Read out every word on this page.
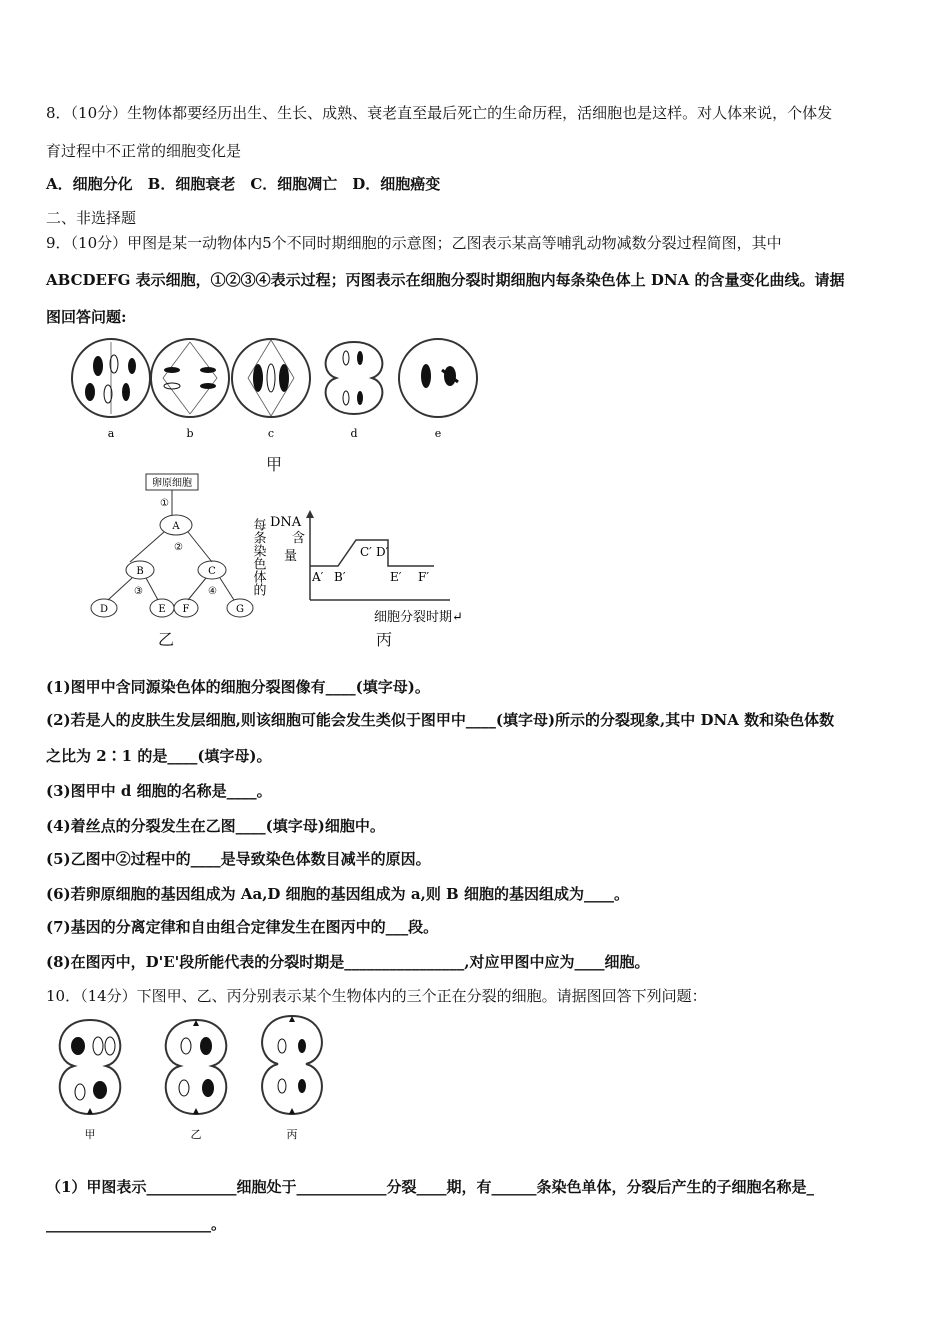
8．（10分）生物体都要经历出生、生长、成熟、衰老直至最后死亡的生命历程，活细胞也是这样。对人体来说，个体发
育过程中不正常的细胞变化是
A．细胞分化　B．细胞衰老　C．细胞凋亡　D．细胞癌变
二、非选择题
9．（10分）甲图是某一动物体内5个不同时期细胞的示意图；乙图表示某高等哺乳动物减数分裂过程简图，其中
ABCDEFG 表示细胞，①②③④表示过程；丙图表示在细胞分裂时期细胞内每条染色体上 DNA 的含量变化曲线。请据
图回答问题:
a	b	c	d	e
甲
卵原细胞
①
A
②
B	C
③	④
D	E F	G
乙
每条染色体的 DNA
含
量
A′ B′
C′ D′
E′ F′
细胞分裂时期↵
丙
(1)图甲中含同源染色体的细胞分裂图像有____(填字母)。
(2)若是人的皮肤生发层细胞,则该细胞可能会发生类似于图甲中____(填字母)所示的分裂现象,其中 DNA 数和染色体数
之比为 2∶1 的是____(填字母)。
(3)图甲中 d 细胞的名称是____。
(4)着丝点的分裂发生在乙图____(填字母)细胞中。
(5)乙图中②过程中的____是导致染色体数目减半的原因。
(6)若卵原细胞的基因组成为 Aa,D 细胞的基因组成为 a,则 B 细胞的基因组成为____。
(7)基因的分离定律和自由组合定律发生在图丙中的___段。
(8)在图丙中，D'E'段所能代表的分裂时期是________________,对应甲图中应为____细胞。
10．（14分）下图甲、乙、丙分别表示某个生物体内的三个正在分裂的细胞。请据图回答下列问题：
甲	乙	丙
（1）甲图表示____________细胞处于____________分裂____期，有______条染色单体，分裂后产生的子细胞名称是_
______________________。
